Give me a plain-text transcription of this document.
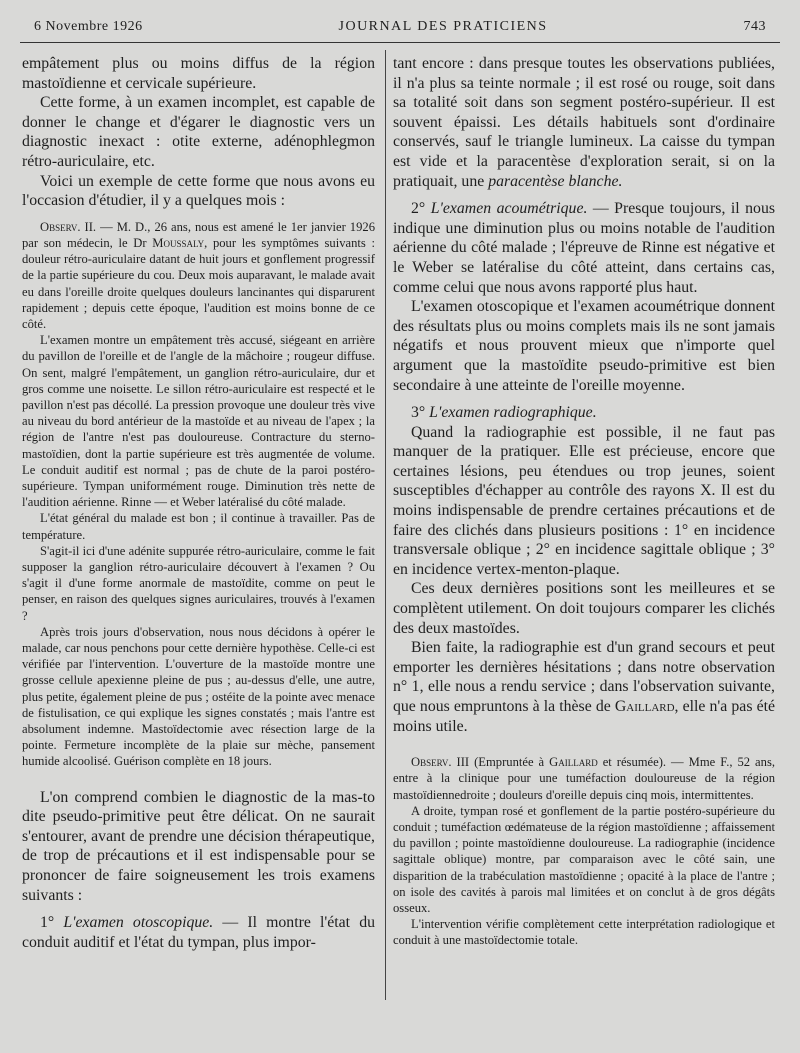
6 Novembre 1926	JOURNAL DES PRATICIENS	743

empâtement plus ou moins diffus de la région mastoïdienne et cervicale supérieure.

Cette forme, à un examen incomplet, est capable de donner le change et d'égarer le diagnostic vers un diagnostic inexact : otite externe, adénophlegmon rétro-auriculaire, etc.

Voici un exemple de cette forme que nous avons eu l'occasion d'étudier, il y a quelques mois :

Observ. II. — M. D., 26 ans, nous est amené le 1er janvier 1926 par son médecin, le Dr Moussaly, pour les symptômes suivants : douleur rétro-auriculaire datant de huit jours et gonflement progressif de la partie supérieure du cou. Deux mois auparavant, le malade avait eu dans l'oreille droite quelques douleurs lancinantes qui disparurent rapidement ; depuis cette époque, l'audition est moins bonne de ce côté.

L'examen montre un empâtement très accusé, siégeant en arrière du pavillon de l'oreille et de l'angle de la mâchoire ; rougeur diffuse. On sent, malgré l'empâtement, un ganglion rétro-auriculaire, dur et gros comme une noisette. Le sillon rétro-auriculaire est respecté et le pavillon n'est pas décollé. La pression provoque une douleur très vive au niveau du bord antérieur de la mastoïde et au niveau de l'apex ; la région de l'antre n'est pas douloureuse. Contracture du sterno-mastoïdien, dont la partie supérieure est très augmentée de volume. Le conduit auditif est normal ; pas de chute de la paroi postéro-supérieure. Tympan uniformément rouge. Diminution très nette de l'audition aérienne. Rinne — et Weber latéralisé du côté malade.

L'état général du malade est bon ; il continue à travailler. Pas de température.

S'agit-il ici d'une adénite suppurée rétro-auriculaire, comme le fait supposer la ganglion rétro-auriculaire découvert à l'examen ? Ou s'agit il d'une forme anormale de mastoïdite, comme on peut le penser, en raison des quelques signes auriculaires, trouvés à l'examen ?

Après trois jours d'observation, nous nous décidons à opérer le malade, car nous penchons pour cette dernière hypothèse. Celle-ci est vérifiée par l'intervention. L'ouverture de la mastoïde montre une grosse cellule apexienne pleine de pus ; au-dessus d'elle, une autre, plus petite, également pleine de pus ; ostéite de la pointe avec menace de fistulisation, ce qui explique les signes constatés ; mais l'antre est absolument indemne. Mastoïdectomie avec résection large de la pointe. Fermeture incomplète de la plaie sur mèche, pansement humide alcoolisé. Guérison complète en 18 jours.

L'on comprend combien le diagnostic de la mas-to dite pseudo-primitive peut être délicat. On ne saurait s'entourer, avant de prendre une décision thérapeutique, de trop de précautions et il est indispensable pour se prononcer de faire soigneusement les trois examens suivants :

1° L'examen otoscopique. — Il montre l'état du conduit auditif et l'état du tympan, plus impor-

tant encore : dans presque toutes les observations publiées, il n'a plus sa teinte normale ; il est rosé ou rouge, soit dans sa totalité soit dans son segment postéro-supérieur. Il est souvent épaissi. Les détails habituels sont d'ordinaire conservés, sauf le triangle lumineux. La caisse du tympan est vide et la paracentèse d'exploration serait, si on la pratiquait, une paracentèse blanche.

2° L'examen acoumétrique. — Presque toujours, il nous indique une diminution plus ou moins notable de l'audition aérienne du côté malade ; l'épreuve de Rinne est négative et le Weber se latéralise du côté atteint, dans certains cas, comme celui que nous avons rapporté plus haut.

L'examen otoscopique et l'examen acoumétrique donnent des résultats plus ou moins complets mais ils ne sont jamais négatifs et nous prouvent mieux que n'importe quel argument que la mastoïdite pseudo-primitive est bien secondaire à une atteinte de l'oreille moyenne.

3° L'examen radiographique.

Quand la radiographie est possible, il ne faut pas manquer de la pratiquer. Elle est précieuse, encore que certaines lésions, peu étendues ou trop jeunes, soient susceptibles d'échapper au contrôle des rayons X. Il est du moins indispensable de prendre certaines précautions et de faire des clichés dans plusieurs positions : 1° en incidence transversale oblique ; 2° en incidence sagittale oblique ; 3° en incidence vertex-menton-plaque.

Ces deux dernières positions sont les meilleures et se complètent utilement. On doit toujours comparer les clichés des deux mastoïdes.

Bien faite, la radiographie est d'un grand secours et peut emporter les dernières hésitations ; dans notre observation n° 1, elle nous a rendu service ; dans l'observation suivante, que nous empruntons à la thèse de Gaillard, elle n'a pas été moins utile.

Observ. III (Empruntée à Gaillard et résumée). — Mme F., 52 ans, entre à la clinique pour une tuméfaction douloureuse de la région mastoïdiennedroite ; douleurs d'oreille depuis cinq mois, intermittentes.

A droite, tympan rosé et gonflement de la partie postéro-supérieure du conduit ; tuméfaction œdémateuse de la région mastoïdienne ; affaissement du pavillon ; pointe mastoïdienne douloureuse. La radiographie (incidence sagittale oblique) montre, par comparaison avec le côté sain, une disparition de la trabéculation mastoïdienne ; opacité à la place de l'antre ; on isole des cavités à parois mal limitées et on conclut à de gros dégâts osseux.

L'intervention vérifie complètement cette interprétation radiologique et conduit à une mastoïdectomie totale.
